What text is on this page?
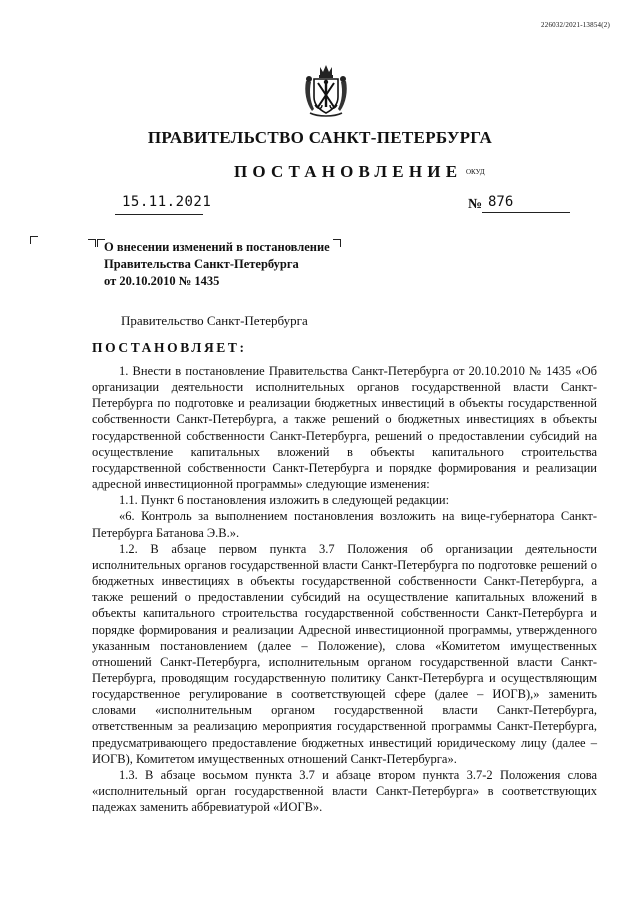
226032/2021-13854(2)
ПРАВИТЕЛЬСТВО САНКТ-ПЕТЕРБУРГА
ПОСТАНОВЛЕНИЕ ОКУД
15.11.2021	№ 876
О внесении изменений в постановление
Правительства Санкт-Петербурга
от 20.10.2010 № 1435
Правительство Санкт-Петербурга
ПОСТАНОВЛЯЕТ:

1. Внести в постановление Правительства Санкт-Петербурга от 20.10.2010 № 1435 «Об организации деятельности исполнительных органов государственной власти Санкт-Петербурга по подготовке и реализации бюджетных инвестиций в объекты государственной собственности Санкт-Петербурга, а также решений о бюджетных инвестициях в объекты государственной собственности Санкт-Петербурга, решений о предоставлении субсидий на осуществление капитальных вложений в объекты капитального строительства государственной собственности Санкт-Петербурга и порядке формирования и реализации адресной инвестиционной программы» следующие изменения:

1.1. Пункт 6 постановления изложить в следующей редакции:

«6. Контроль за выполнением постановления возложить на вице-губернатора Санкт-Петербурга Батанова Э.В.».

1.2. В абзаце первом пункта 3.7 Положения об организации деятельности исполнительных органов государственной власти Санкт-Петербурга по подготовке решений о бюджетных инвестициях в объекты государственной собственности Санкт-Петербурга, а также решений о предоставлении субсидий на осуществление капитальных вложений в объекты капитального строительства государственной собственности Санкт-Петербурга и порядке формирования и реализации Адресной инвестиционной программы, утвержденного указанным постановлением (далее – Положение), слова «Комитетом имущественных отношений Санкт-Петербурга, исполнительным органом государственной власти Санкт-Петербурга, проводящим государственную политику Санкт-Петербурга и осуществляющим государственное регулирование в соответствующей сфере (далее – ИОГВ),» заменить словами «исполнительным органом государственной власти Санкт-Петербурга, ответственным за реализацию мероприятия государственной программы Санкт-Петербурга, предусматривающего предоставление бюджетных инвестиций юридическому лицу (далее – ИОГВ), Комитетом имущественных отношений Санкт-Петербурга».

1.3. В абзаце восьмом пункта 3.7 и абзаце втором пункта 3.7-2 Положения слова «исполнительный орган государственной власти Санкт-Петербурга» в соответствующих падежах заменить аббревиатурой «ИОГВ».
